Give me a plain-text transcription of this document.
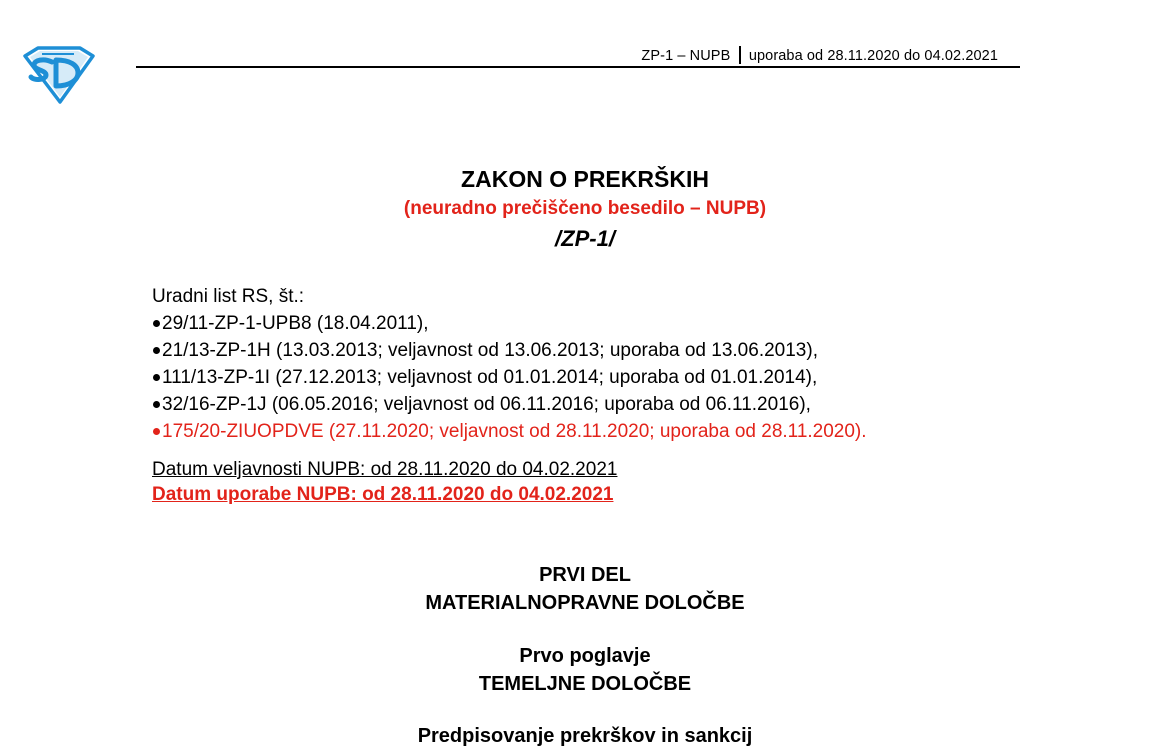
ZP-1 – NUPB uporaba od 28.11.2020 do 04.02.2021
ZAKON O PREKRŠKIH
(neuradno prečiščeno besedilo – NUPB)
/ZP-1/
Uradni list RS, št.:
29/11-ZP-1-UPB8 (18.04.2011),
21/13-ZP-1H (13.03.2013; veljavnost od 13.06.2013; uporaba od 13.06.2013),
111/13-ZP-1I (27.12.2013; veljavnost od 01.01.2014; uporaba od 01.01.2014),
32/16-ZP-1J (06.05.2016; veljavnost od 06.11.2016; uporaba od 06.11.2016),
175/20-ZIUOPDVE (27.11.2020; veljavnost od 28.11.2020; uporaba od 28.11.2020).
Datum veljavnosti NUPB: od 28.11.2020 do 04.02.2021
Datum uporabe NUPB: od 28.11.2020 do 04.02.2021
PRVI DEL
MATERIALNOPRAVNE DOLOČBE
Prvo poglavje
TEMELJNE DOLOČBE
Predpisovanje prekrškov in sankcij
